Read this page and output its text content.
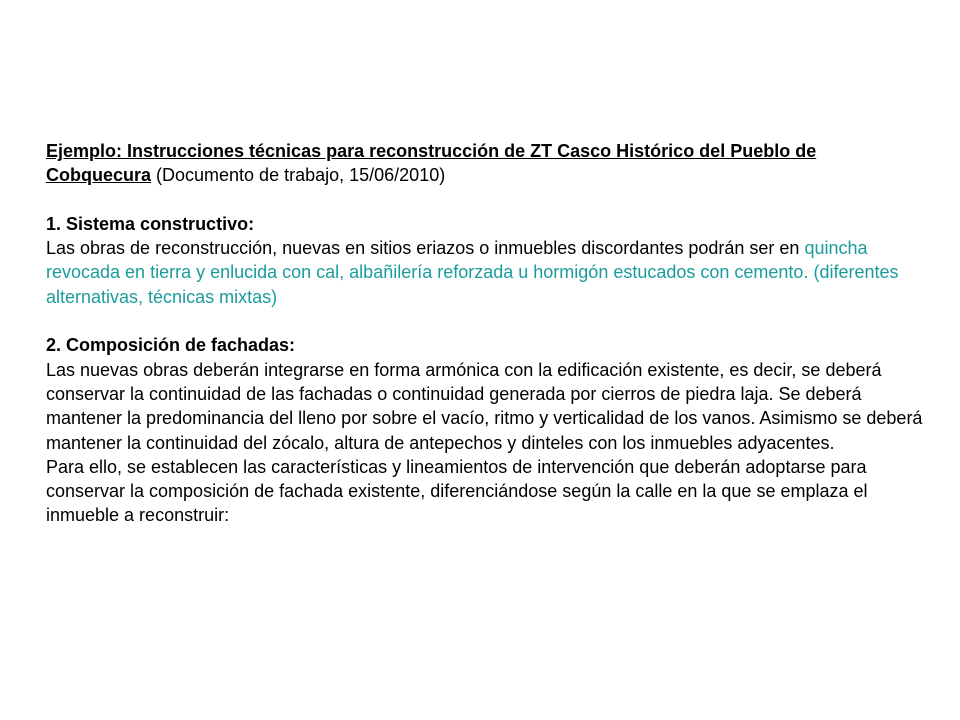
Ejemplo: Instrucciones técnicas para reconstrucción de ZT Casco Histórico del Pueblo de Cobquecura (Documento de trabajo, 15/06/2010)

1. Sistema constructivo:

Las obras de reconstrucción, nuevas en sitios eriazos o inmuebles discordantes podrán ser en quincha revocada en tierra y enlucida con cal, albañilería reforzada u hormigón estucados con cemento. (diferentes alternativas, técnicas mixtas)

2. Composición de fachadas:

Las nuevas obras deberán integrarse en forma armónica con la edificación existente, es decir, se deberá conservar la continuidad de las fachadas o continuidad generada por cierros de piedra laja. Se deberá mantener la predominancia del lleno por sobre el vacío, ritmo y verticalidad de los vanos. Asimismo se deberá mantener la continuidad del zócalo, altura de antepechos y dinteles con los inmuebles adyacentes.

Para ello, se establecen las características y lineamientos de intervención que deberán adoptarse para conservar la composición de fachada existente, diferenciándose según la calle en la que se emplaza el inmueble a reconstruir:
